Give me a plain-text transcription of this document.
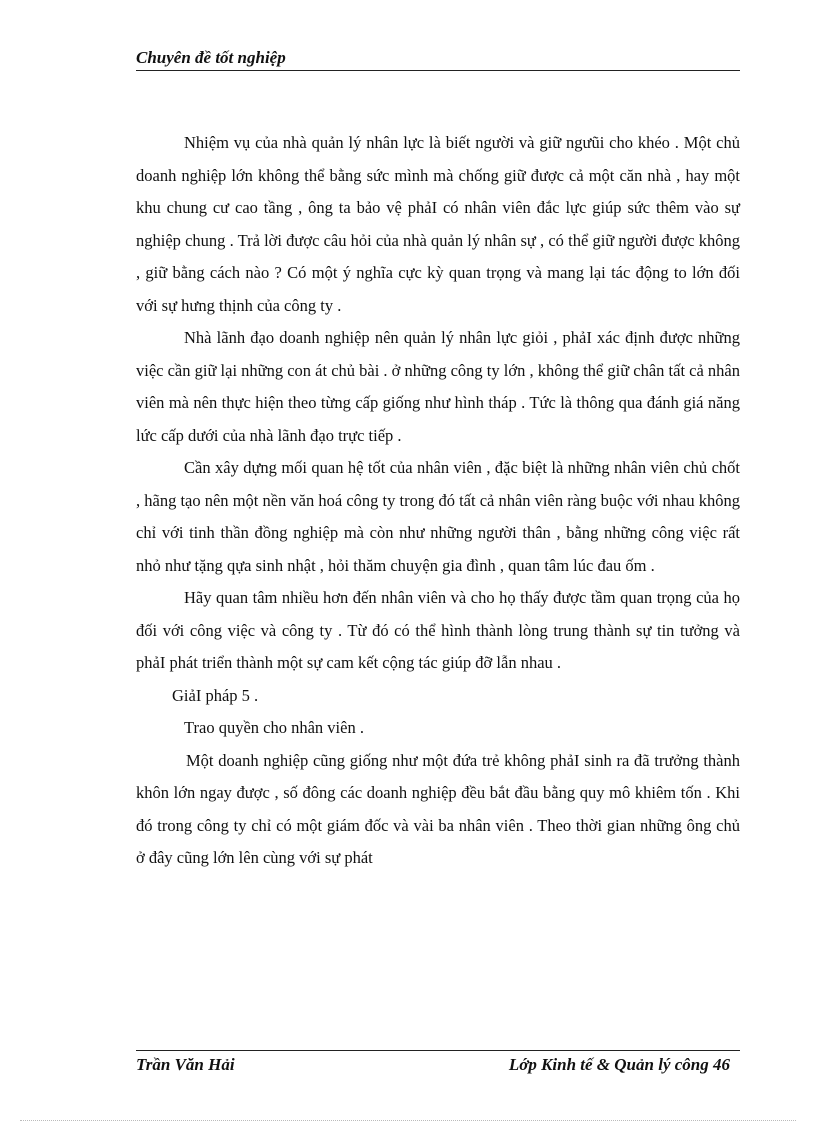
Chuyên đề tốt nghiệp

Nhiệm vụ của nhà quản lý nhân lực là biết người và giữ ngưũi cho khéo . Một chủ doanh nghiệp lớn không thể bằng sức mình mà chống giữ được cả một căn nhà , hay một khu chung cư cao tầng , ông ta bảo vệ phảI có nhân viên đắc lực giúp sức thêm vào sự nghiệp chung . Trả lời được câu hỏi của nhà quản lý nhân sự , có thể giữ người được không , giữ bằng cách nào ? Có một ý nghĩa cực kỳ quan trọng và mang lại tác động to lớn đối với sự hưng thịnh của công ty .

Nhà lãnh đạo doanh nghiệp nên quản lý nhân lực giỏi , phảI xác định được những việc cần giữ lại những con át chủ bài . ở những công ty lớn , không thể giữ chân tất cả nhân viên mà nên thực hiện theo từng cấp giống như hình tháp . Tức là thông qua đánh giá năng lức cấp dưới của nhà lãnh đạo trực tiếp .

Cần xây dựng mối quan hệ tốt của nhân viên , đặc biệt là những nhân viên chủ chốt , hãng tạo nên một nền văn hoá công ty trong đó tất cả nhân viên ràng buộc với nhau không chỉ với tinh thần đồng nghiệp mà còn như những người thân , bằng những công việc rất nhỏ như tặng qựa sinh nhật , hỏi thăm chuyện gia đình , quan tâm lúc đau ốm .

Hãy quan tâm nhiều hơn đến nhân viên và cho họ thấy được tầm quan trọng của họ đối với công việc và công ty . Từ đó có thể hình thành lòng trung thành sự tin tưởng và phảI phát triển thành một sự cam kết cộng tác giúp đỡ lẫn nhau .

GiảI pháp 5 .

Trao quyền cho nhân viên .

Một doanh nghiệp cũng giống như một đứa trẻ không phảI sinh ra đã trưởng thành khôn lớn ngay được , số đông các doanh nghiệp đều bắt đầu bằng quy mô khiêm tốn . Khi đó trong công ty chỉ có một giám đốc và vài ba nhân viên . Theo thời gian những ông chủ ở đây cũng lớn lên cùng với sự phát

Trần Văn Hải	Lớp Kinh tế & Quản lý công 46
